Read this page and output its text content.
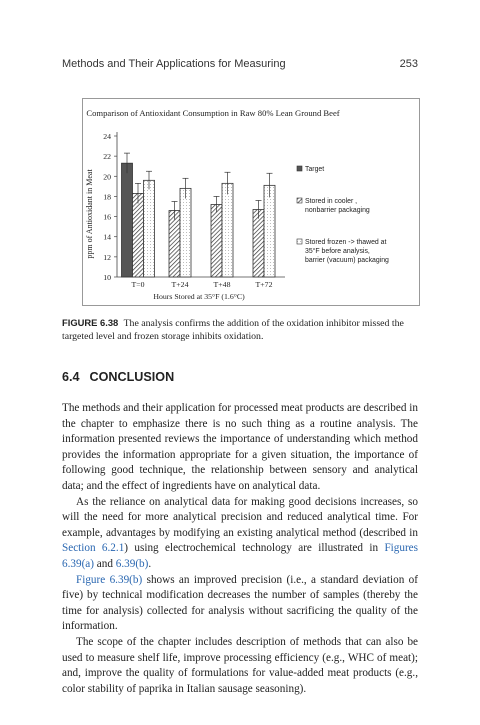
Methods and Their Applications for Measuring	253
Comparison of Antioxidant Consumption in Raw 80% Lean Ground Beef
10
12
14
16
18
20
22
24
T=0	T+24	T+48	T+72
ppm of Antioxidant in Meat
Hours Stored at 35°F (1.6°C)
Target
Stored in cooler , nonbarrier packaging
Stored frozen -> thawed at 35°F before analysis, barrier (vacuum) packaging
FIGURE 6.38 The analysis confirms the addition of the oxidation inhibitor missed the targeted level and frozen storage inhibits oxidation.
6.4 CONCLUSION

The methods and their application for processed meat products are described in the chapter to emphasize there is no such thing as a routine analysis. The information presented reviews the importance of understanding which method provides the information appropriate for a given situation, the importance of following good technique, the relationship between sensory and analytical data; and the effect of ingredients have on analytical data.

As the reliance on analytical data for making good decisions increases, so will the need for more analytical precision and reduced analytical time. For example, advantages by modifying an existing analytical method (described in Section 6.2.1) using electrochemical technology are illustrated in Figures 6.39(a) and 6.39(b).

Figure 6.39(b) shows an improved precision (i.e., a standard deviation of five) by technical modification decreases the number of samples (thereby the time for analysis) collected for analysis without sacrificing the quality of the information.

The scope of the chapter includes description of methods that can also be used to measure shelf life, improve processing efficiency (e.g., WHC of meat); and, improve the quality of formulations for value-added meat products (e.g., color stability of paprika in Italian sausage seasoning).
